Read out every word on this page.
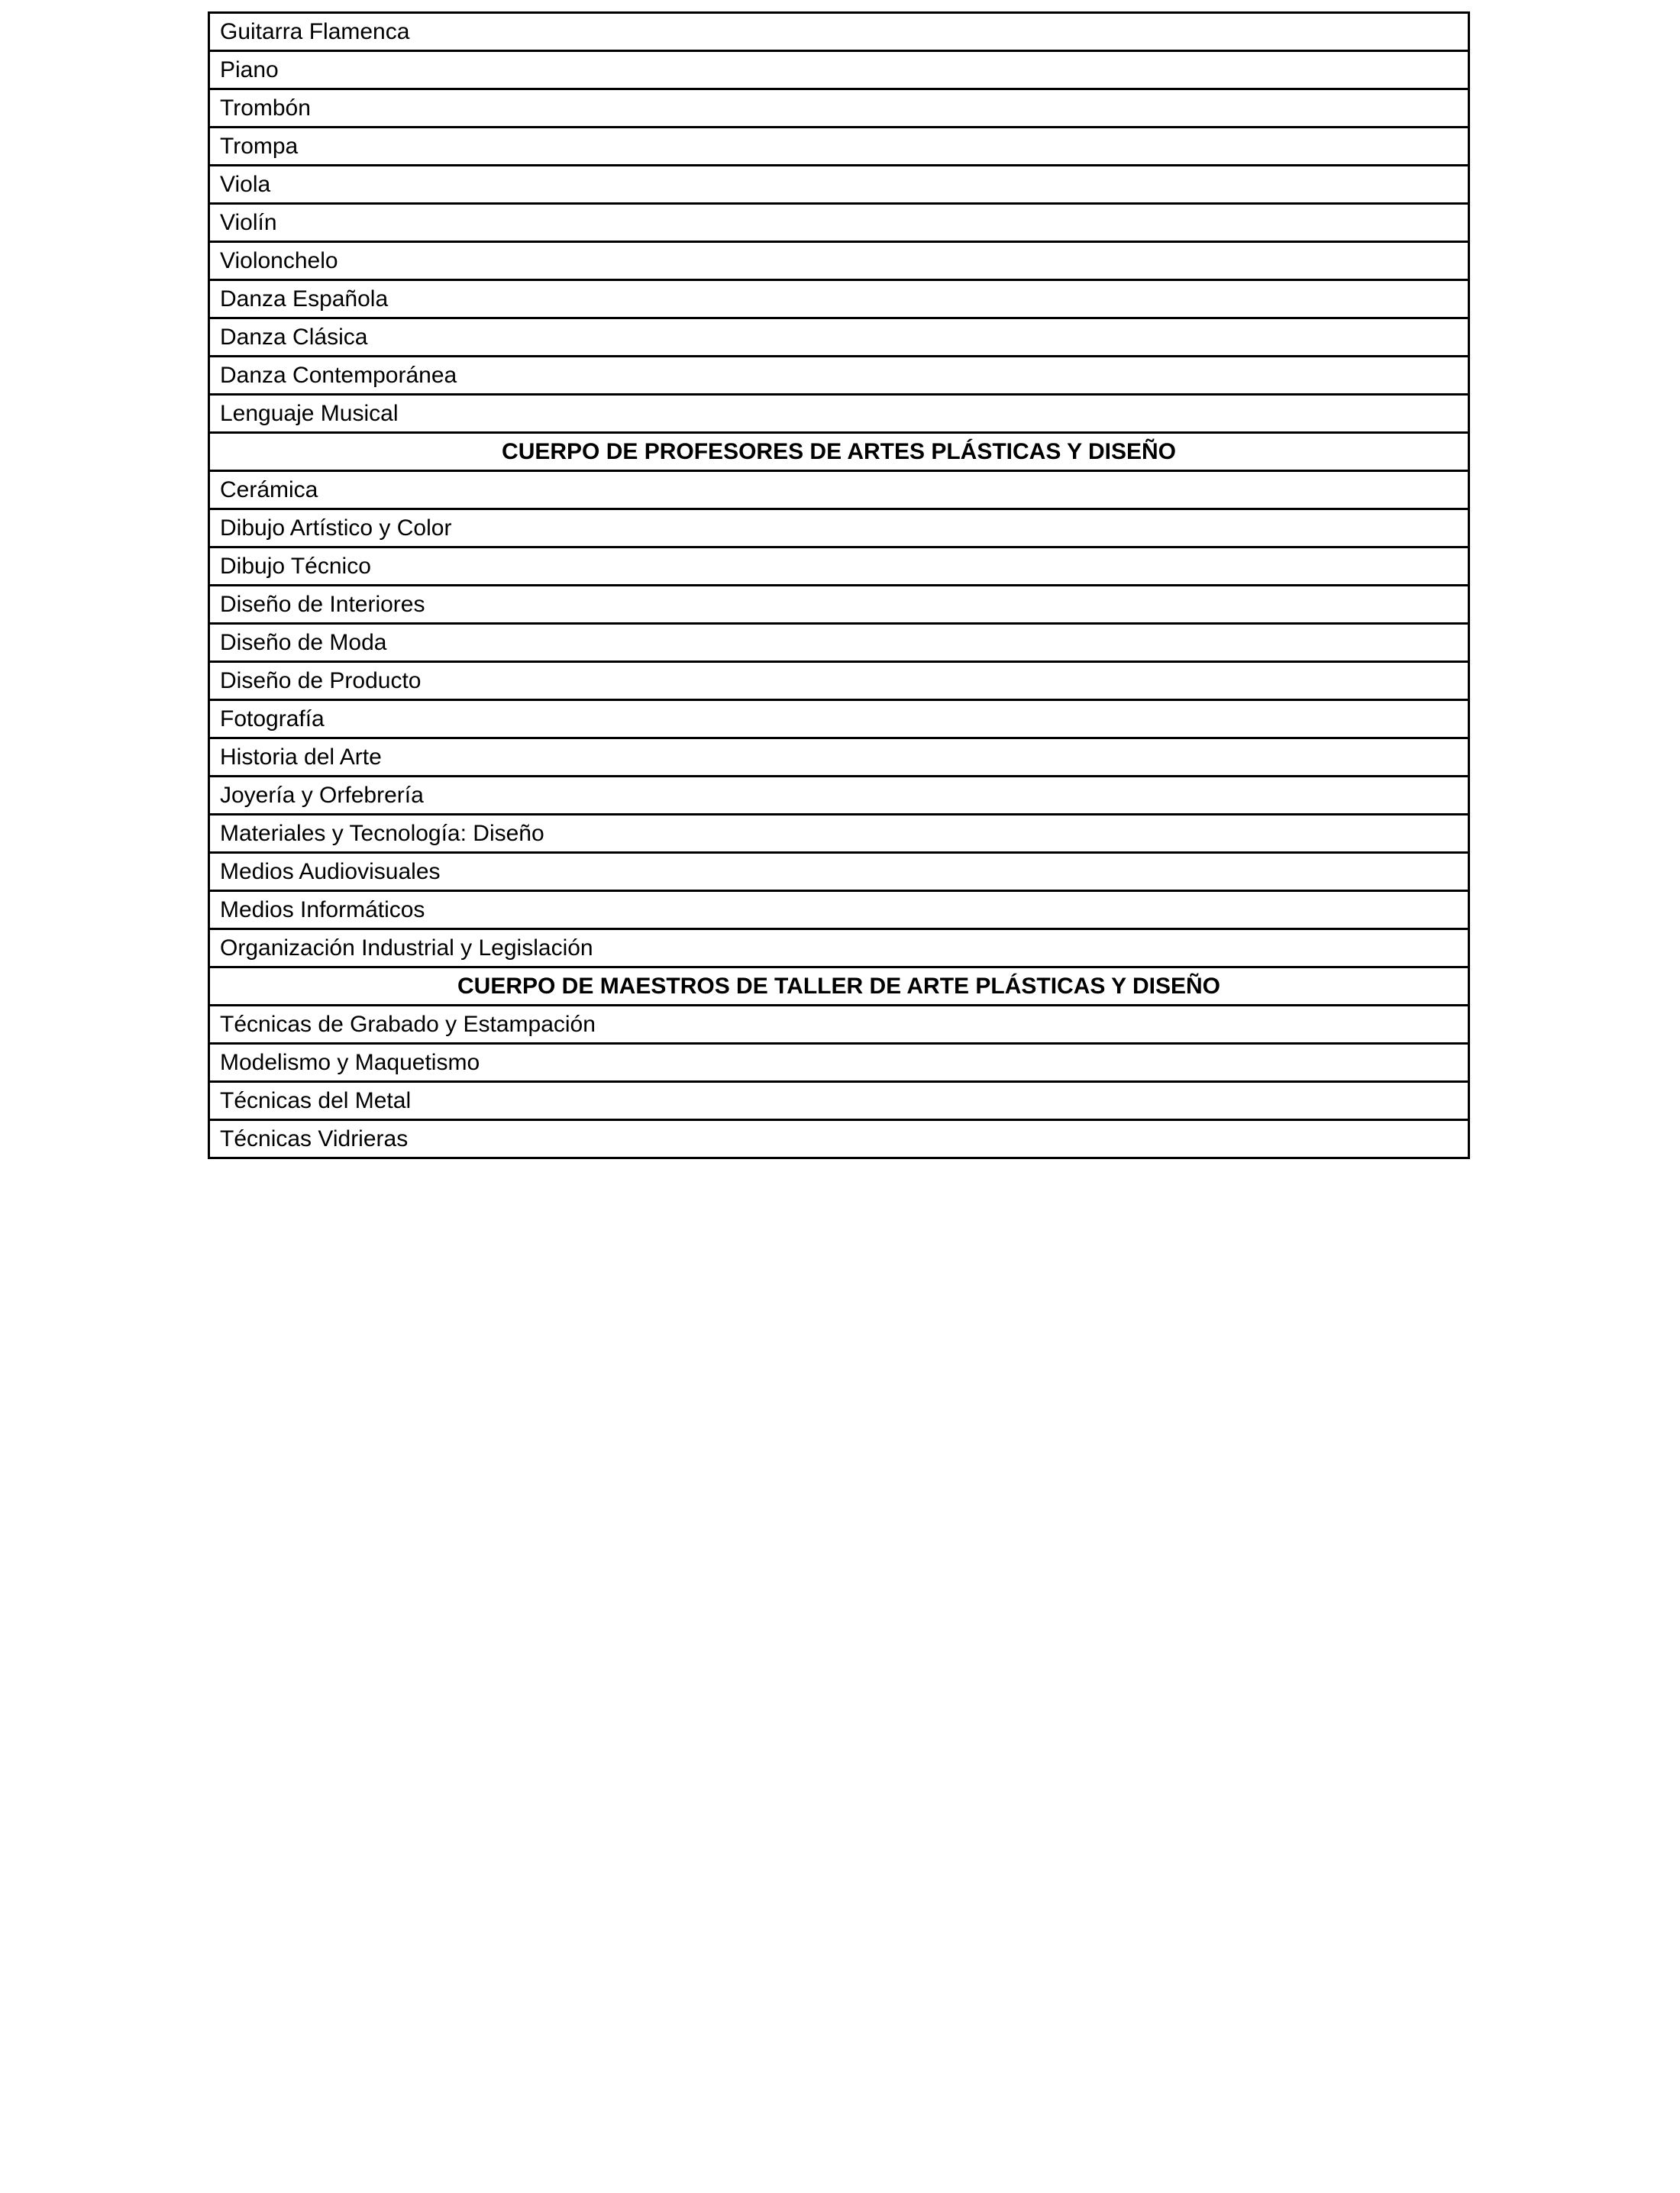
Guitarra Flamenca
Piano
Trombón
Trompa
Viola
Violín
Violonchelo
Danza Española
Danza Clásica
Danza Contemporánea
Lenguaje Musical
CUERPO DE PROFESORES DE ARTES PLÁSTICAS Y DISEÑO
Cerámica
Dibujo Artístico y Color
Dibujo Técnico
Diseño de Interiores
Diseño de Moda
Diseño de Producto
Fotografía
Historia del Arte
Joyería y Orfebrería
Materiales y Tecnología: Diseño
Medios Audiovisuales
Medios Informáticos
Organización Industrial y Legislación
CUERPO DE MAESTROS DE TALLER DE ARTE PLÁSTICAS Y DISEÑO
Técnicas de Grabado y Estampación
Modelismo y Maquetismo
Técnicas del Metal
Técnicas Vidrieras
